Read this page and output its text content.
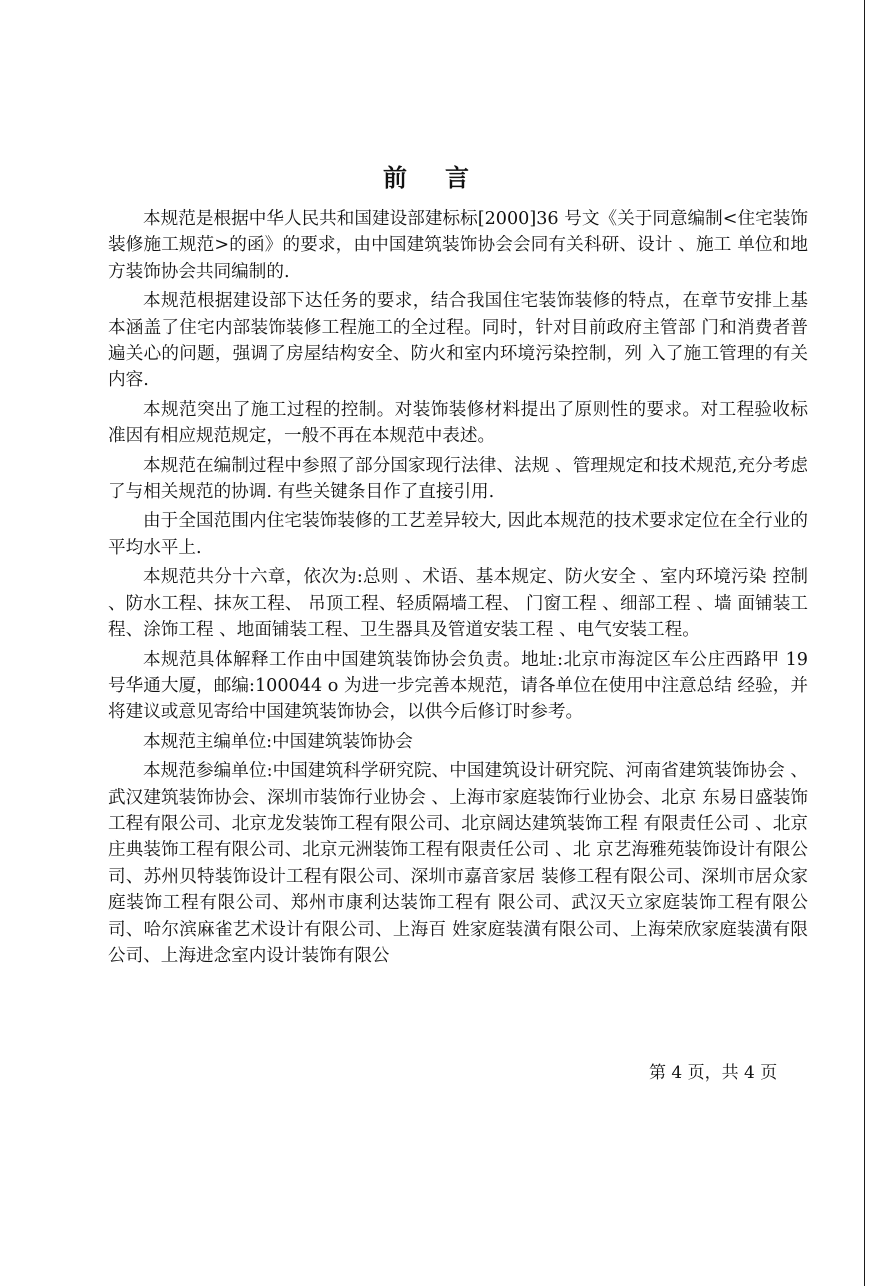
前言

本规范是根据中华人民共和国建设部建标标[2000]36 号文《关于同意编制<住宅装饰装修施工规范>的函》的要求，由中国建筑装饰协会会同有关科研、设计 、施工 单位和地方装饰协会共同编制的.

本规范根据建设部下达任务的要求，结合我国住宅装饰装修的特点，在章节安排上基本涵盖了住宅内部装饰装修工程施工的全过程。同时，针对目前政府主管部 门和消费者普遍关心的问题，强调了房屋结构安全、防火和室内环境污染控制，列 入了施工管理的有关内容.

本规范突出了施工过程的控制。对装饰装修材料提出了原则性的要求。对工程验收标准因有相应规范规定，一般不再在本规范中表述。

本规范在编制过程中参照了部分国家现行法律、法规 、管理规定和技术规范,充分考虑了与相关规范的协调. 有些关键条目作了直接引用.

由于全国范围内住宅装饰装修的工艺差异较大, 因此本规范的技术要求定位在全行业的平均水平上.

本规范共分十六章，依次为:总则 、术语、基本规定、防火安全 、室内环境污染 控制 、防水工程、抹灰工程、 吊顶工程、轻质隔墙工程、 门窗工程 、细部工程 、墙 面铺装工程、涂饰工程 、地面铺装工程、卫生器具及管道安装工程 、电气安装工程。

本规范具体解释工作由中国建筑装饰协会负责。地址:北京市海淀区车公庄西路甲 19 号华通大厦，邮编:100044 o 为进一步完善本规范，请各单位在使用中注意总结 经验，并将建议或意见寄给中国建筑装饰协会，以供今后修订时参考。

本规范主编单位:中国建筑装饰协会

本规范参编单位:中国建筑科学研究院、中国建筑设计研究院、河南省建筑装饰协会 、武汉建筑装饰协会、深圳市装饰行业协会 、上海市家庭装饰行业协会、北京 东易日盛装饰工程有限公司、北京龙发装饰工程有限公司、北京阔达建筑装饰工程 有限责任公司 、北京庄典装饰工程有限公司、北京元洲装饰工程有限责任公司 、北 京艺海雅苑装饰设计有限公司、苏州贝特装饰设计工程有限公司、深圳市嘉音家居 装修工程有限公司、深圳市居众家庭装饰工程有限公司、郑州市康利达装饰工程有 限公司、武汉天立家庭装饰工程有限公司、哈尔滨麻雀艺术设计有限公司、上海百 姓家庭装潢有限公司、上海荣欣家庭装潢有限公司、上海进念室内设计装饰有限公

第 4 页，共 4 页
